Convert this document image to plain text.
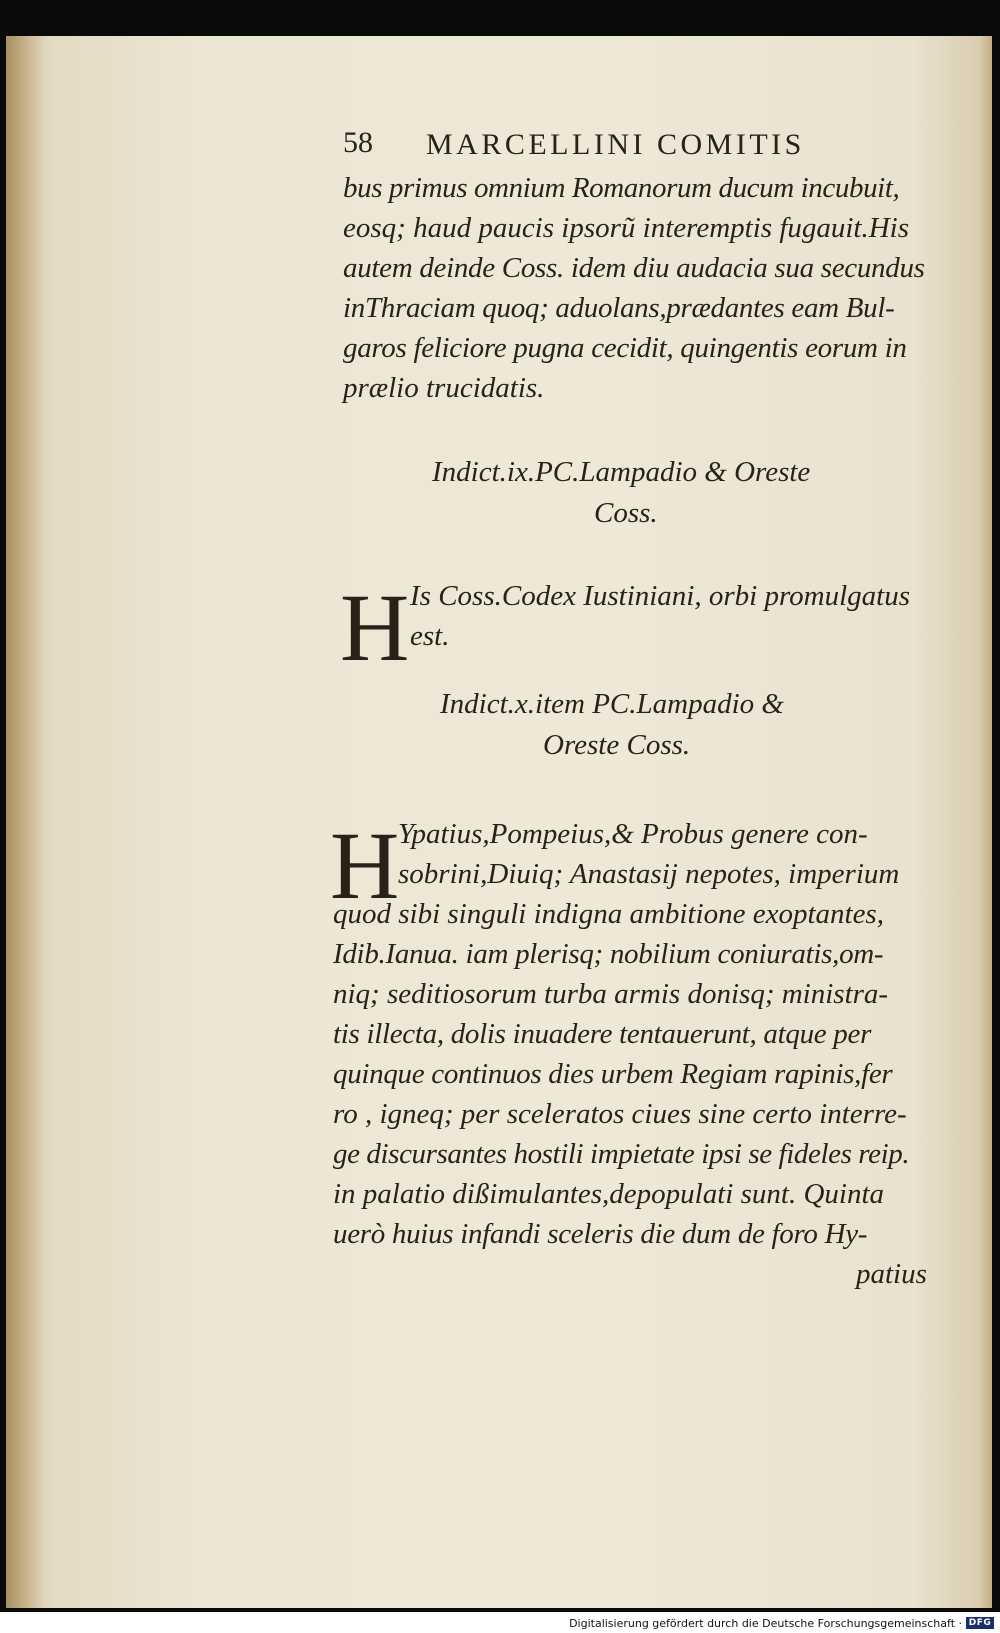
58 MARCELLINI COMITIS
bus primus omnium Romanorum ducum incubuit,
eosq; haud paucis ipsorũ interemptis fugauit.His
autem deinde Coss. idem diu audacia sua secundus
inThraciam quoq; aduolans,prædantes eam Bul-
garos feliciore pugna cecidit, quingentis eorum in
prælio trucidatis.
Indict.ix.PC.Lampadio & Oreste
Coss.
H Is Coss.Codex Iustiniani, orbi promulgatus
est.
Indict.x.item PC.Lampadio &
Oreste Coss.
H
Ypatius,Pompeius,& Probus genere con-
sobrini,Diuiq; Anastasij nepotes, imperium
quod sibi singuli indigna ambitione exoptantes,
Idib.Ianua. iam plerisq; nobilium coniuratis,om-
niq; seditiosorum turba armis donisq; ministra-
tis illecta, dolis inuadere tentauerunt, atque per
quinque continuos dies urbem Regiam rapinis,fer
ro , igneq; per sceleratos ciues sine certo interre-
ge discursantes hostili impietate ipsi se fideles reip.
in palatio dißimulantes,depopulati sunt. Quinta
uerò huius infandi sceleris die dum de foro Hy-
patius
Digitalisierung gefördert durch die Deutsche Forschungsgemeinschaft · DFG
